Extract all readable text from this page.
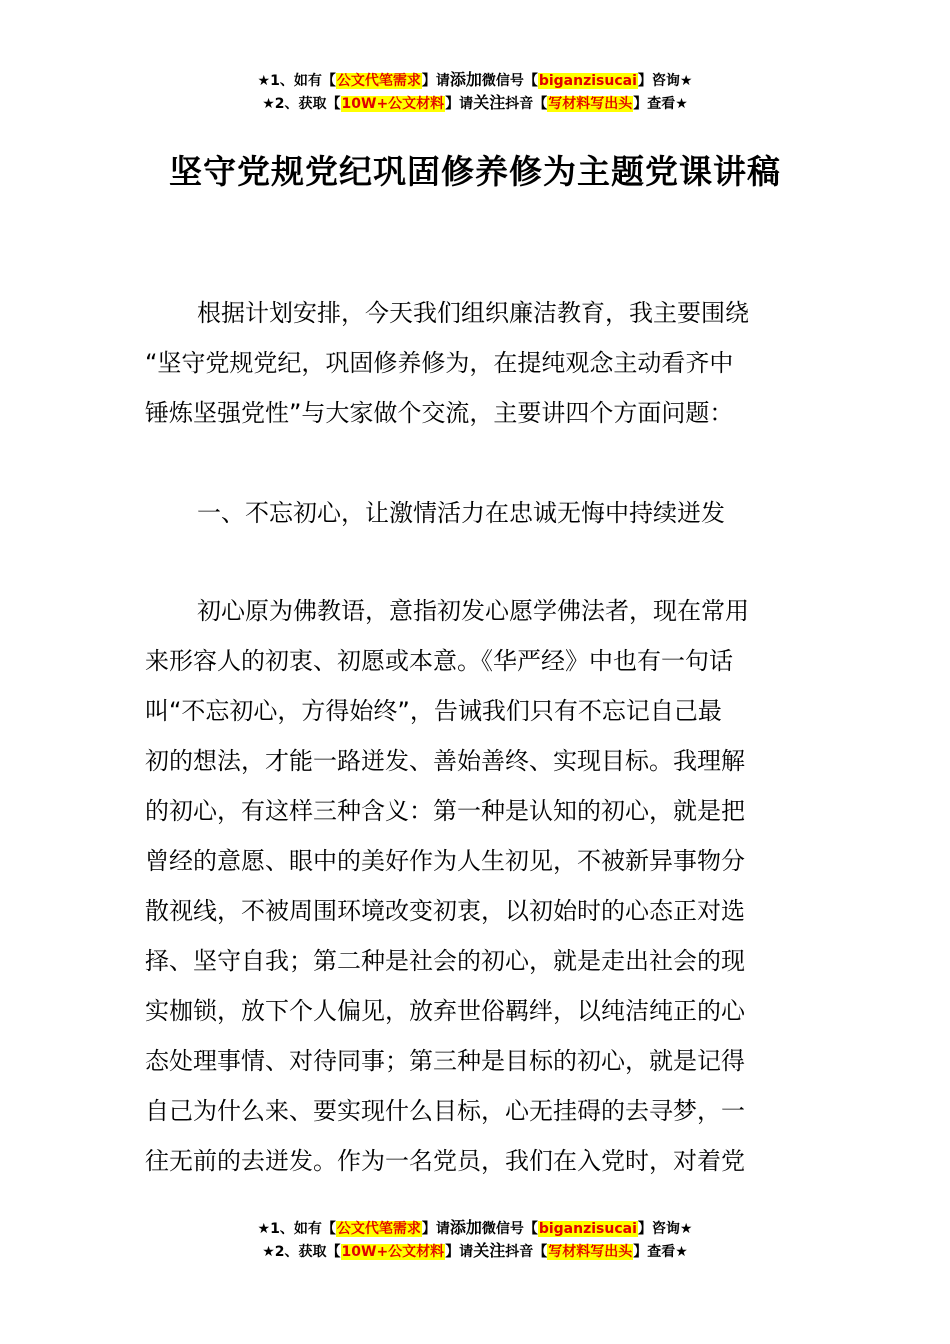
★1、如有【公文代笔需求】请添加微信号【biganzisucai】咨询★
★2、获取【10W+公文材料】请关注抖音【写材料写出头】查看★
坚守党规党纪巩固修养修为主题党课讲稿
根据计划安排，今天我们组织廉洁教育，我主要围绕
“坚守党规党纪，巩固修养修为，在提纯观念主动看齐中
锤炼坚强党性”与大家做个交流，主要讲四个方面问题：
一、不忘初心，让激情活力在忠诚无悔中持续迸发
初心原为佛教语，意指初发心愿学佛法者，现在常用
来形容人的初衷、初愿或本意。《华严经》中也有一句话
叫“不忘初心，方得始终”，告诫我们只有不忘记自己最
初的想法，才能一路迸发、善始善终、实现目标。我理解
的初心，有这样三种含义：第一种是认知的初心，就是把
曾经的意愿、眼中的美好作为人生初见，不被新异事物分
散视线，不被周围环境改变初衷，以初始时的心态正对选
择、坚守自我；第二种是社会的初心，就是走出社会的现
实枷锁，放下个人偏见，放弃世俗羁绊，以纯洁纯正的心
态处理事情、对待同事；第三种是目标的初心，就是记得
自己为什么来、要实现什么目标，心无挂碍的去寻梦，一
往无前的去迸发。作为一名党员，我们在入党时，对着党
★1、如有【公文代笔需求】请添加微信号【biganzisucai】咨询★
★2、获取【10W+公文材料】请关注抖音【写材料写出头】查看★
